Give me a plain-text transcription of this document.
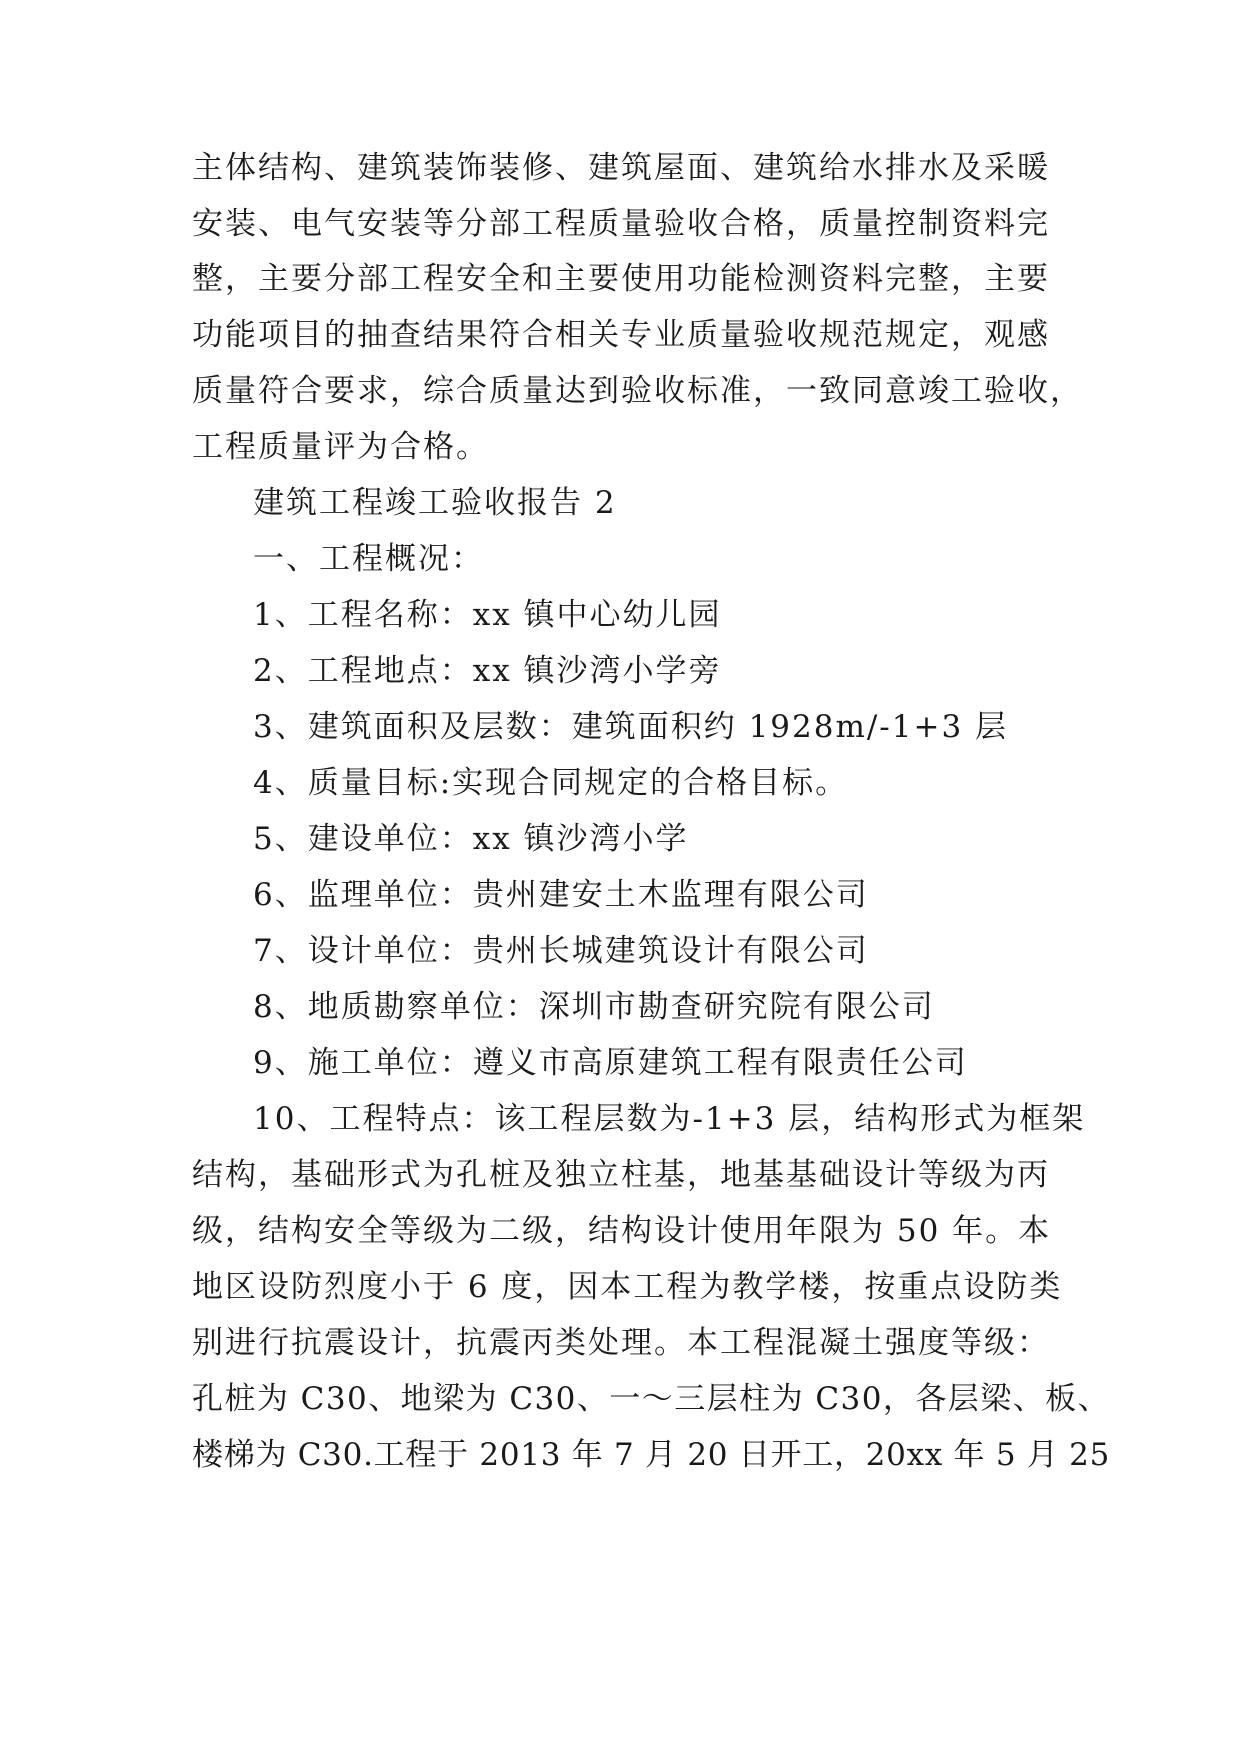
主体结构、建筑装饰装修、建筑屋面、建筑给水排水及采暖
安装、电气安装等分部工程质量验收合格，质量控制资料完
整，主要分部工程安全和主要使用功能检测资料完整，主要
功能项目的抽查结果符合相关专业质量验收规范规定，观感
质量符合要求，综合质量达到验收标准，一致同意竣工验收，
工程质量评为合格。
建筑工程竣工验收报告 2
一、工程概况：
1、工程名称：xx 镇中心幼儿园
2、工程地点：xx 镇沙湾小学旁
3、建筑面积及层数：建筑面积约 1928m/-1+3 层
4、质量目标:实现合同规定的合格目标。
5、建设单位：xx 镇沙湾小学
6、监理单位：贵州建安土木监理有限公司
7、设计单位：贵州长城建筑设计有限公司
8、地质勘察单位：深圳市勘查研究院有限公司
9、施工单位：遵义市高原建筑工程有限责任公司
10、工程特点：该工程层数为-1+3 层，结构形式为框架
结构，基础形式为孔桩及独立柱基，地基基础设计等级为丙
级，结构安全等级为二级，结构设计使用年限为 50 年。本
地区设防烈度小于 6 度，因本工程为教学楼，按重点设防类
别进行抗震设计，抗震丙类处理。本工程混凝土强度等级：
孔桩为 C30、地梁为 C30、一～三层柱为 C30，各层梁、板、
楼梯为 C30.工程于 2013 年 7 月 20 日开工，20xx 年 5 月 25
